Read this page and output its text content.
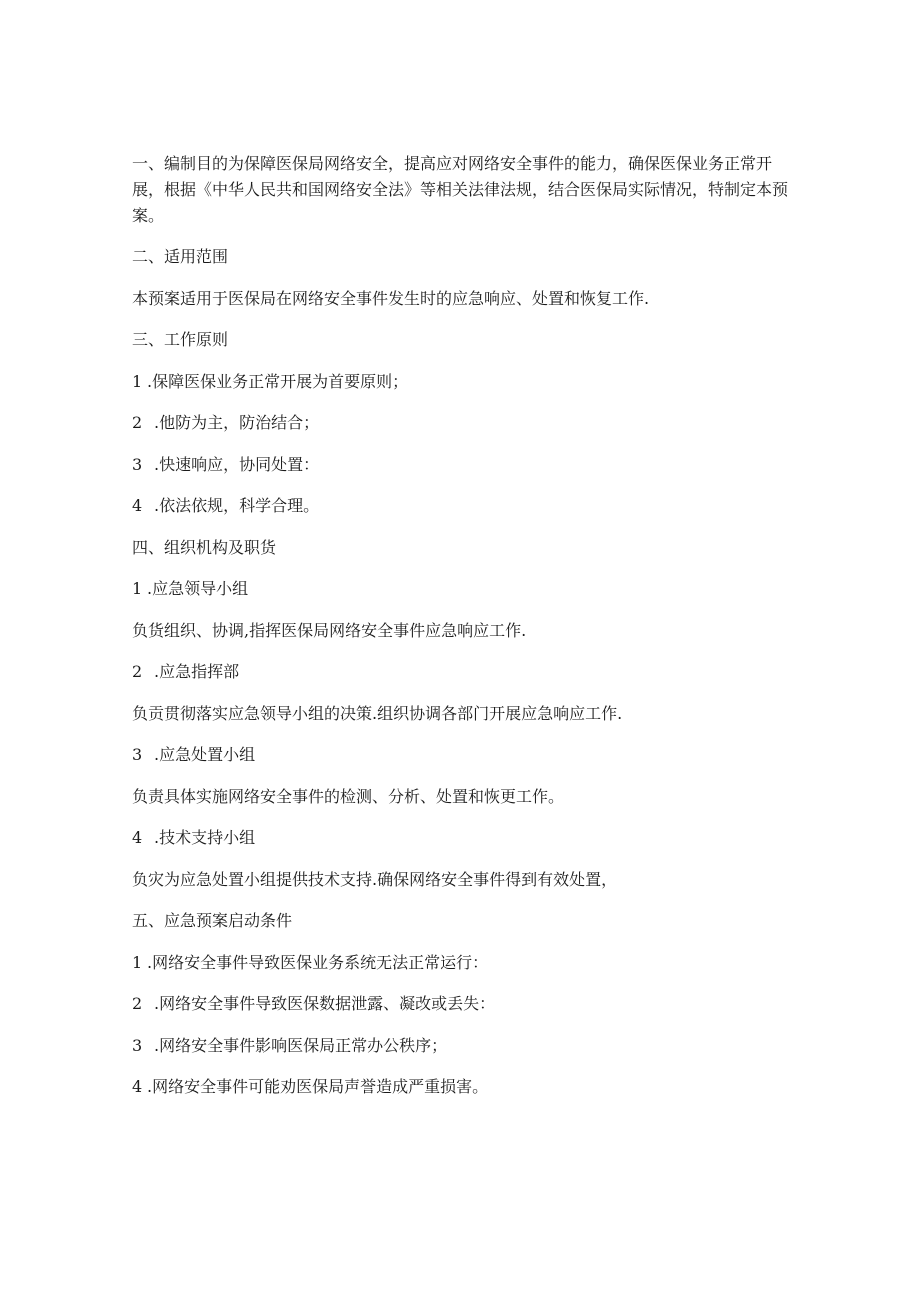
一、编制目的为保障医保局网络安全，提高应对网络安全事件的能力，确保医保业务正常开展，根据《中华人民共和国网络安全法》等相关法律法规，结合医保局实际情况，特制定本预案。

二、适用范围
本预案适用于医保局在网络安全事件发生时的应急响应、处置和恢复工作.
三、工作原则
1 .保障医保业务正常开展为首要原则；
2 .他防为主，防治结合；
3 .快速响应，协同处置：
4 .依法依规，科学合理。
四、组织机构及职货
1 .应急领导小组
负货组织、协调,指挥医保局网络安全事件应急响应工作.
2 .应急指挥部
负贡贯彻落实应急领导小组的决策.组织协调各部门开展应急响应工作.
3 .应急处置小组
负责具体实施网络安全事件的检测、分析、处置和恢更工作。
4 .技术支持小组
负灾为应急处置小组提供技术支持.确保网络安全事件得到有效处置，
五、应急预案启动条件
1 .网络安全事件导致医保业务系统无法正常运行：
2 .网络安全事件导致医保数据泄露、凝改或丢失：
3 .网络安全事件影响医保局正常办公秩序；
4 .网络安全事件可能劝医保局声誉造成严重损害。
